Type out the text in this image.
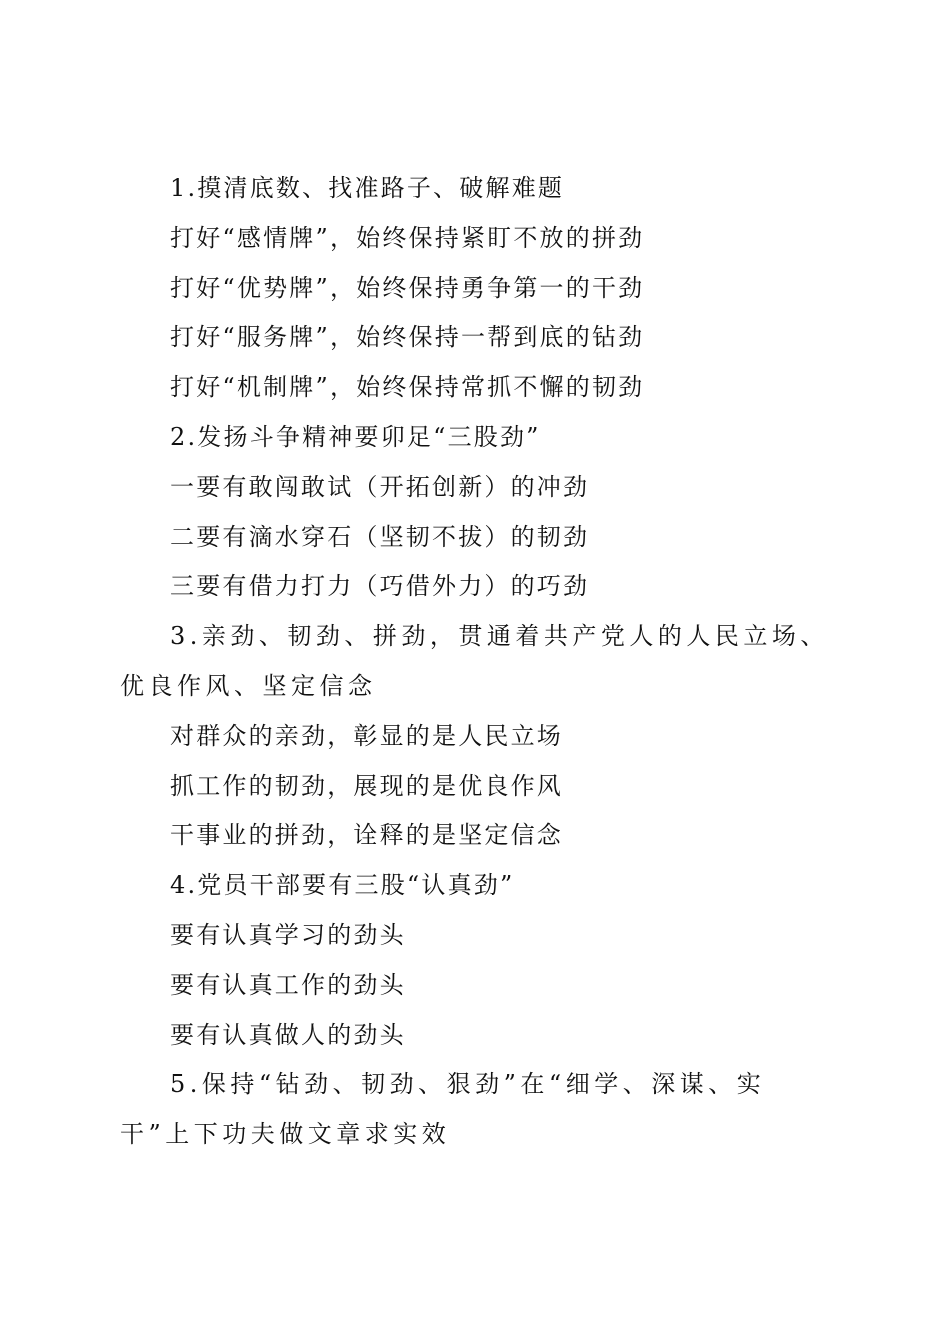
1.摸清底数、找准路子、破解难题
打好“感情牌”，始终保持紧盯不放的拼劲
打好“优势牌”，始终保持勇争第一的干劲
打好“服务牌”，始终保持一帮到底的钻劲
打好“机制牌”，始终保持常抓不懈的韧劲
2.发扬斗争精神要卯足“三股劲”
一要有敢闯敢试（开拓创新）的冲劲
二要有滴水穿石（坚韧不拔）的韧劲
三要有借力打力（巧借外力）的巧劲
3.亲劲、韧劲、拼劲，贯通着共产党人的人民立场、优良作风、坚定信念
对群众的亲劲，彰显的是人民立场
抓工作的韧劲，展现的是优良作风
干事业的拼劲，诠释的是坚定信念
4.党员干部要有三股“认真劲”
要有认真学习的劲头
要有认真工作的劲头
要有认真做人的劲头
5.保持“钻劲、韧劲、狠劲”在“细学、深谋、实干”上下功夫做文章求实效
